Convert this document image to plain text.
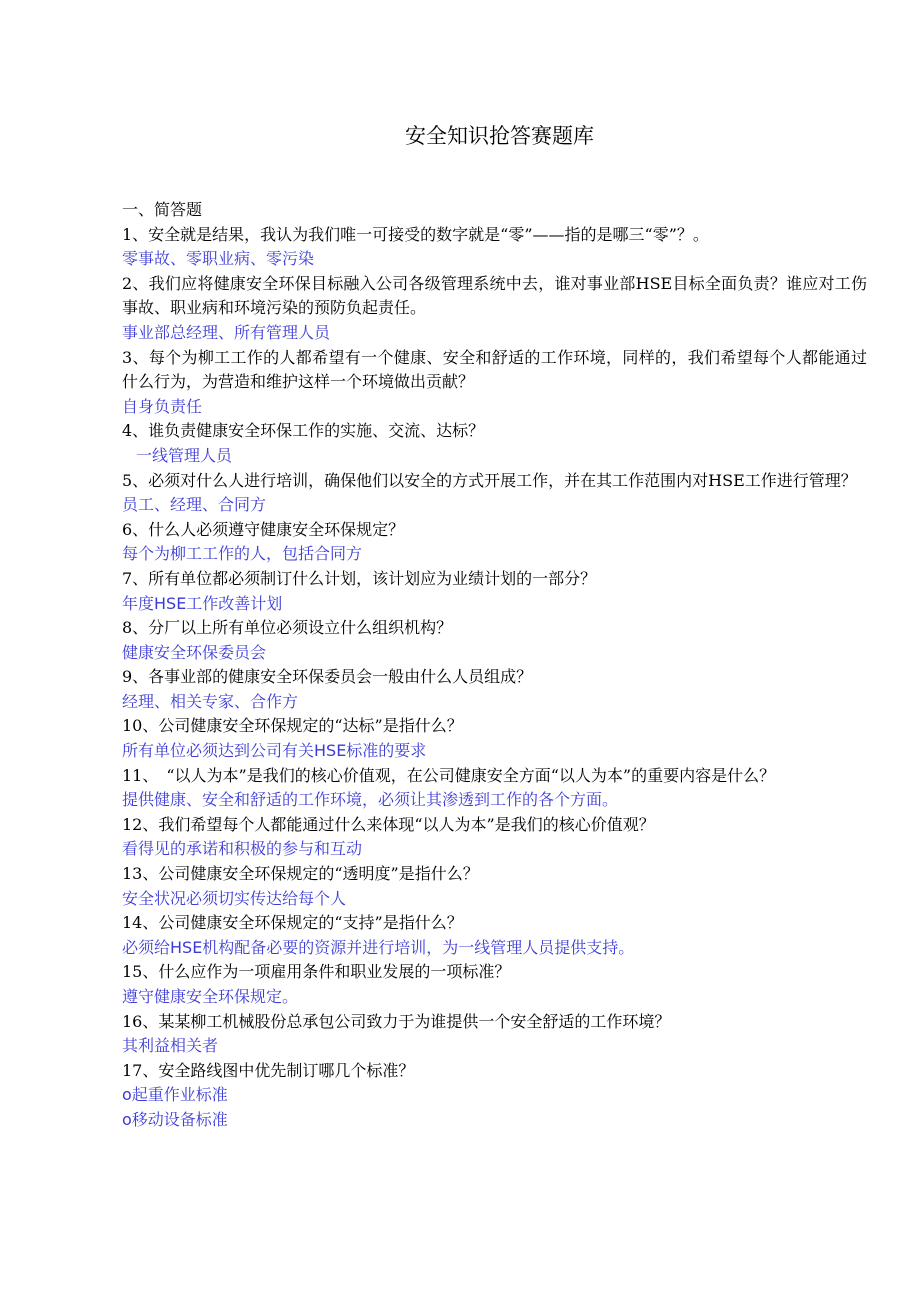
安全知识抢答赛题库

一、简答题

1、安全就是结果，我认为我们唯一可接受的数字就是“零”——指的是哪三“零”？。

零事故、零职业病、零污染

2、我们应将健康安全环保目标融入公司各级管理系统中去，谁对事业部HSE目标全面负责？谁应对工伤事故、职业病和环境污染的预防负起责任。

事业部总经理、所有管理人员

3、每个为柳工工作的人都希望有一个健康、安全和舒适的工作环境，同样的，我们希望每个人都能通过什么行为，为营造和维护这样一个环境做出贡献？

自身负责任

4、谁负责健康安全环保工作的实施、交流、达标？

一线管理人员

5、必须对什么人进行培训，确保他们以安全的方式开展工作，并在其工作范围内对HSE工作进行管理？

员工、经理、合同方

6、什么人必须遵守健康安全环保规定？

每个为柳工工作的人，包括合同方

7、所有单位都必须制订什么计划，该计划应为业绩计划的一部分？

年度HSE工作改善计划

8、分厂以上所有单位必须设立什么组织机构？

健康安全环保委员会

9、各事业部的健康安全环保委员会一般由什么人员组成？

经理、相关专家、合作方

10、公司健康安全环保规定的“达标”是指什么？

所有单位必须达到公司有关HSE标准的要求

11、　“以人为本”是我们的核心价值观，在公司健康安全方面“以人为本”的重要内容是什么？

提供健康、安全和舒适的工作环境，必须让其渗透到工作的各个方面。

12、我们希望每个人都能通过什么来体现“以人为本”是我们的核心价值观？

看得见的承诺和积极的参与和互动

13、公司健康安全环保规定的“透明度”是指什么？

安全状况必须切实传达给每个人

14、公司健康安全环保规定的“支持”是指什么？

必须给HSE机构配备必要的资源并进行培训，为一线管理人员提供支持。

15、什么应作为一项雇用条件和职业发展的一项标准？

遵守健康安全环保规定。

16、某某柳工机械股份总承包公司致力于为谁提供一个安全舒适的工作环境？

其利益相关者

17、安全路线图中优先制订哪几个标准？

o起重作业标准

o移动设备标准
